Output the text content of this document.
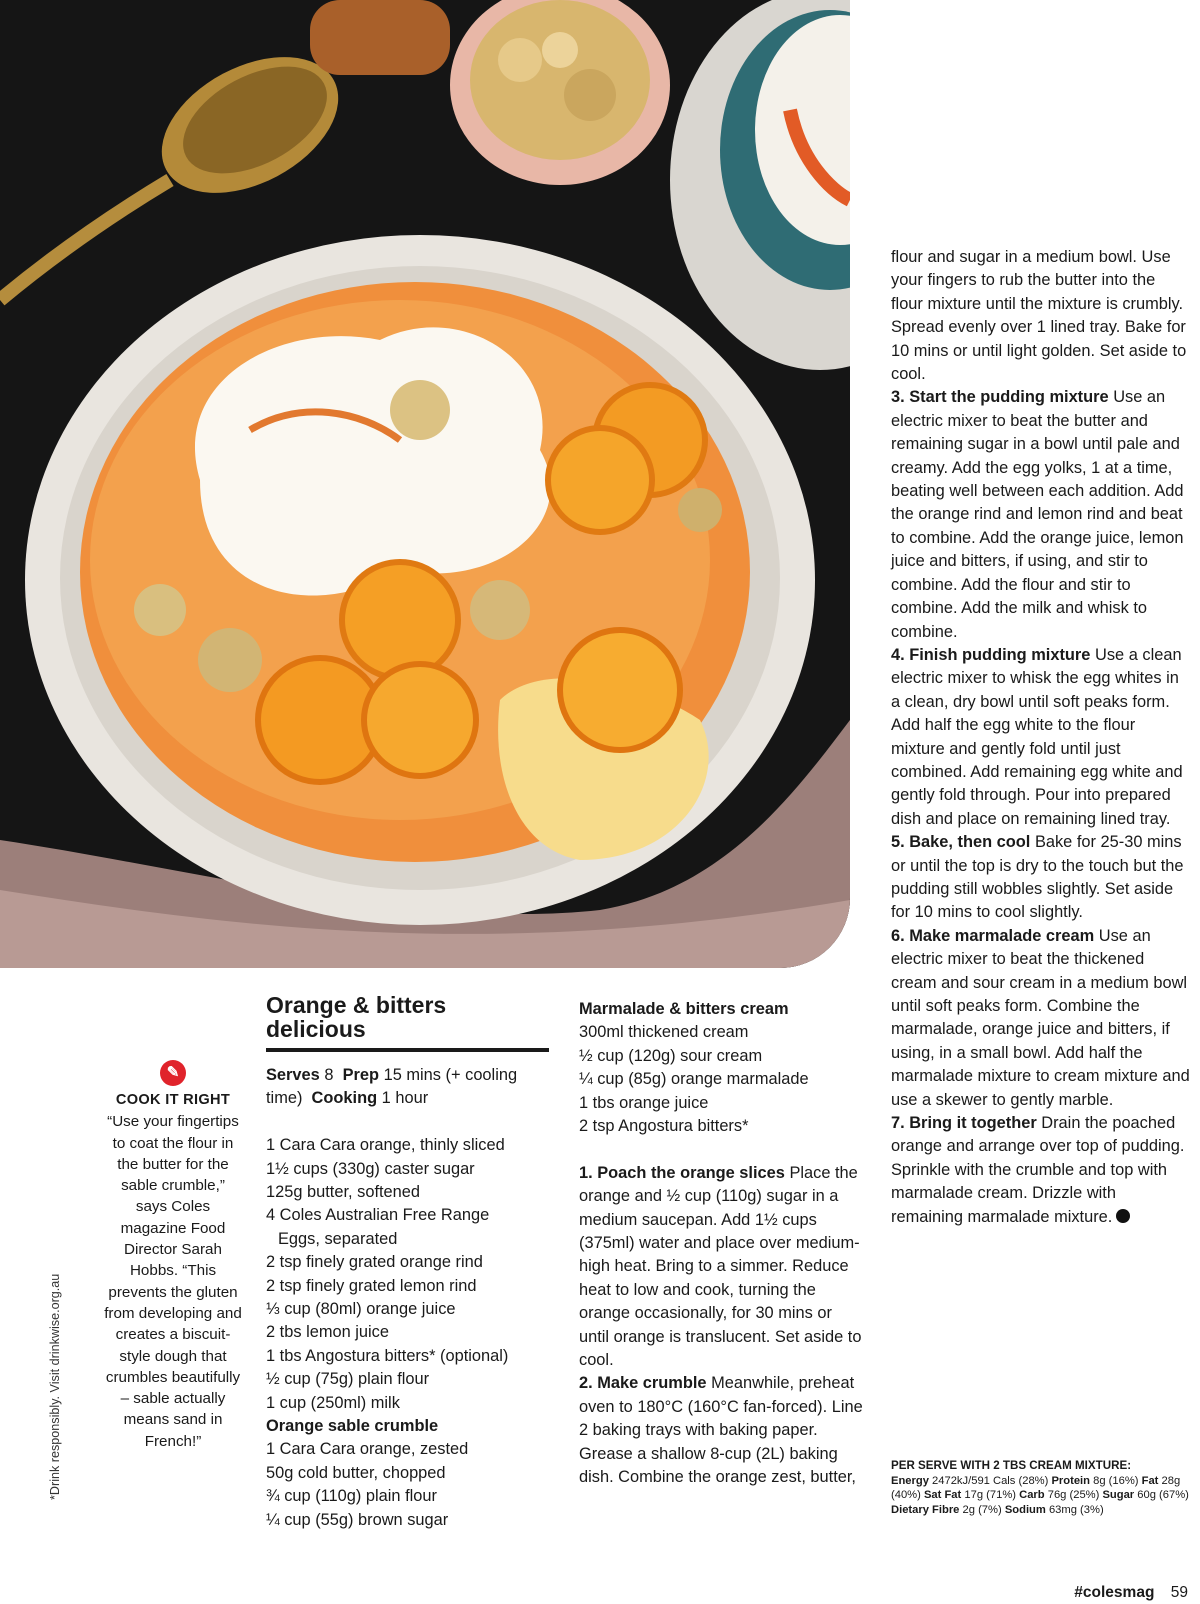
*Drink responsibly. Visit drinkwise.org.au
✎
COOK IT RIGHT
“Use your fingertips to coat the flour in the butter for the sable crumble,” says Coles magazine Food Director Sarah Hobbs. “This prevents the gluten from developing and creates a biscuit-style dough that crumbles beautifully – sable actually means sand in French!”

Orange & bitters

delicious

Serves 8 Prep 15 mins (+ cooling time) Cooking 1 hour

1 Cara Cara orange, thinly sliced

1½ cups (330g) caster sugar

125g butter, softened

4 Coles Australian Free Range

Eggs, separated

2 tsp finely grated orange rind

2 tsp finely grated lemon rind

⅓ cup (80ml) orange juice

2 tbs lemon juice

1 tbs Angostura bitters* (optional)

½ cup (75g) plain flour

1 cup (250ml) milk

Orange sable crumble

1 Cara Cara orange, zested

50g cold butter, chopped

¾ cup (110g) plain flour

¼ cup (55g) brown sugar

Marmalade & bitters cream

300ml thickened cream

½ cup (120g) sour cream

¼ cup (85g) orange marmalade

1 tbs orange juice

2 tsp Angostura bitters*

1. Poach the orange slices Place the orange and ½ cup (110g) sugar in a medium saucepan. Add 1½ cups (375ml) water and place over medium-high heat. Bring to a simmer. Reduce heat to low and cook, turning the orange occasionally, for 30 mins or until orange is translucent. Set aside to cool.

2. Make crumble Meanwhile, preheat oven to 180°C (160°C fan-forced). Line 2 baking trays with baking paper. Grease a shallow 8-cup (2L) baking dish. Combine the orange zest, butter,

flour and sugar in a medium bowl. Use your fingers to rub the butter into the flour mixture until the mixture is crumbly. Spread evenly over 1 lined tray. Bake for 10 mins or until light golden. Set aside to cool.

3. Start the pudding mixture Use an electric mixer to beat the butter and remaining sugar in a bowl until pale and creamy. Add the egg yolks, 1 at a time, beating well between each addition. Add the orange rind and lemon rind and beat to combine. Add the orange juice, lemon juice and bitters, if using, and stir to combine. Add the flour and stir to combine. Add the milk and whisk to combine.

4. Finish pudding mixture Use a clean electric mixer to whisk the egg whites in a clean, dry bowl until soft peaks form. Add half the egg white to the flour mixture and gently fold until just combined. Add remaining egg white and gently fold through. Pour into prepared dish and place on remaining lined tray.

5. Bake, then cool Bake for 25-30 mins or until the top is dry to the touch but the pudding still wobbles slightly. Set aside for 10 mins to cool slightly.

6. Make marmalade cream Use an electric mixer to beat the thickened cream and sour cream in a medium bowl until soft peaks form. Combine the marmalade, orange juice and bitters, if using, in a small bowl. Add half the marmalade mixture to cream mixture and use a skewer to gently marble.

7. Bring it together Drain the poached orange and arrange over top of pudding. Sprinkle with the crumble and top with marmalade cream. Drizzle with remaining marmalade mixture.

PER SERVE WITH 2 TBS CREAM MIXTURE:
Energy 2472kJ/591 Cals (28%) Protein 8g (16%) Fat 28g (40%) Sat Fat 17g (71%) Carb 76g (25%) Sugar 60g (67%) Dietary Fibre 2g (7%) Sodium 63mg (3%)
#colesmag 59
